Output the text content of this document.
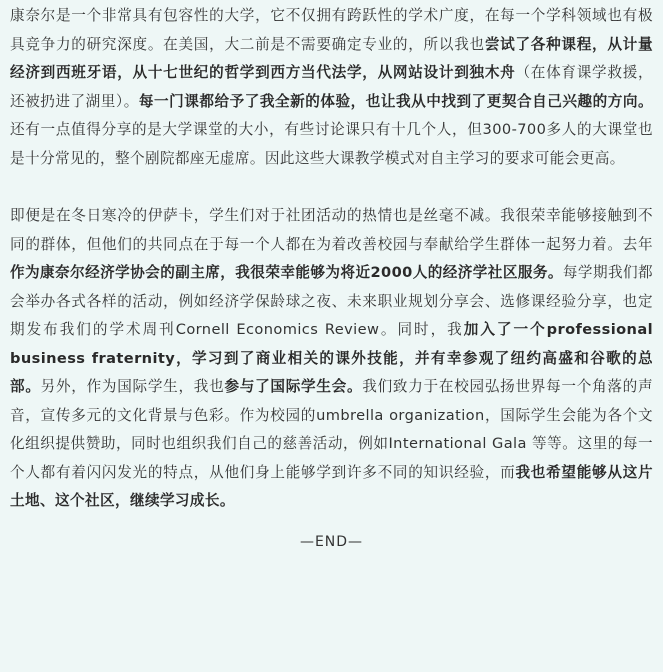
康奈尔是一个非常具有包容性的大学，它不仅拥有跨跃性的学术广度，在每一个学科领域也有极具竞争力的研究深度。在美国，大二前是不需要确定专业的，所以我也尝试了各种课程，从计量经济到西班牙语，从十七世纪的哲学到西方当代法学，从网站设计到独木舟（在体育课学救援，还被扔进了湖里）。每一门课都给予了我全新的体验，也让我从中找到了更契合自己兴趣的方向。还有一点值得分享的是大学课堂的大小，有些讨论课只有十几个人，但300-700多人的大课堂也是十分常见的，整个剧院都座无虚席。因此这些大课教学模式对自主学习的要求可能会更高。

即便是在冬日寒冷的伊萨卡，学生们对于社团活动的热情也是丝毫不减。我很荣幸能够接触到不同的群体，但他们的共同点在于每一个人都在为着改善校园与奉献给学生群体一起努力着。去年作为康奈尔经济学协会的副主席，我很荣幸能够为将近2000人的经济学社区服务。每学期我们都会举办各式各样的活动，例如经济学保龄球之夜、未来职业规划分享会、选修课经验分享，也定期发布我们的学术周刊Cornell Economics Review。同时，我加入了一个professional business fraternity，学习到了商业相关的课外技能，并有幸参观了纽约高盛和谷歌的总部。另外，作为国际学生，我也参与了国际学生会。我们致力于在校园弘扬世界每一个角落的声音，宣传多元的文化背景与色彩。作为校园的umbrella organization，国际学生会能为各个文化组织提供赞助，同时也组织我们自己的慈善活动，例如International Gala 等等。这里的每一个人都有着闪闪发光的特点，从他们身上能够学到许多不同的知识经验，而我也希望能够从这片土地、这个社区，继续学习成长。

—END—
